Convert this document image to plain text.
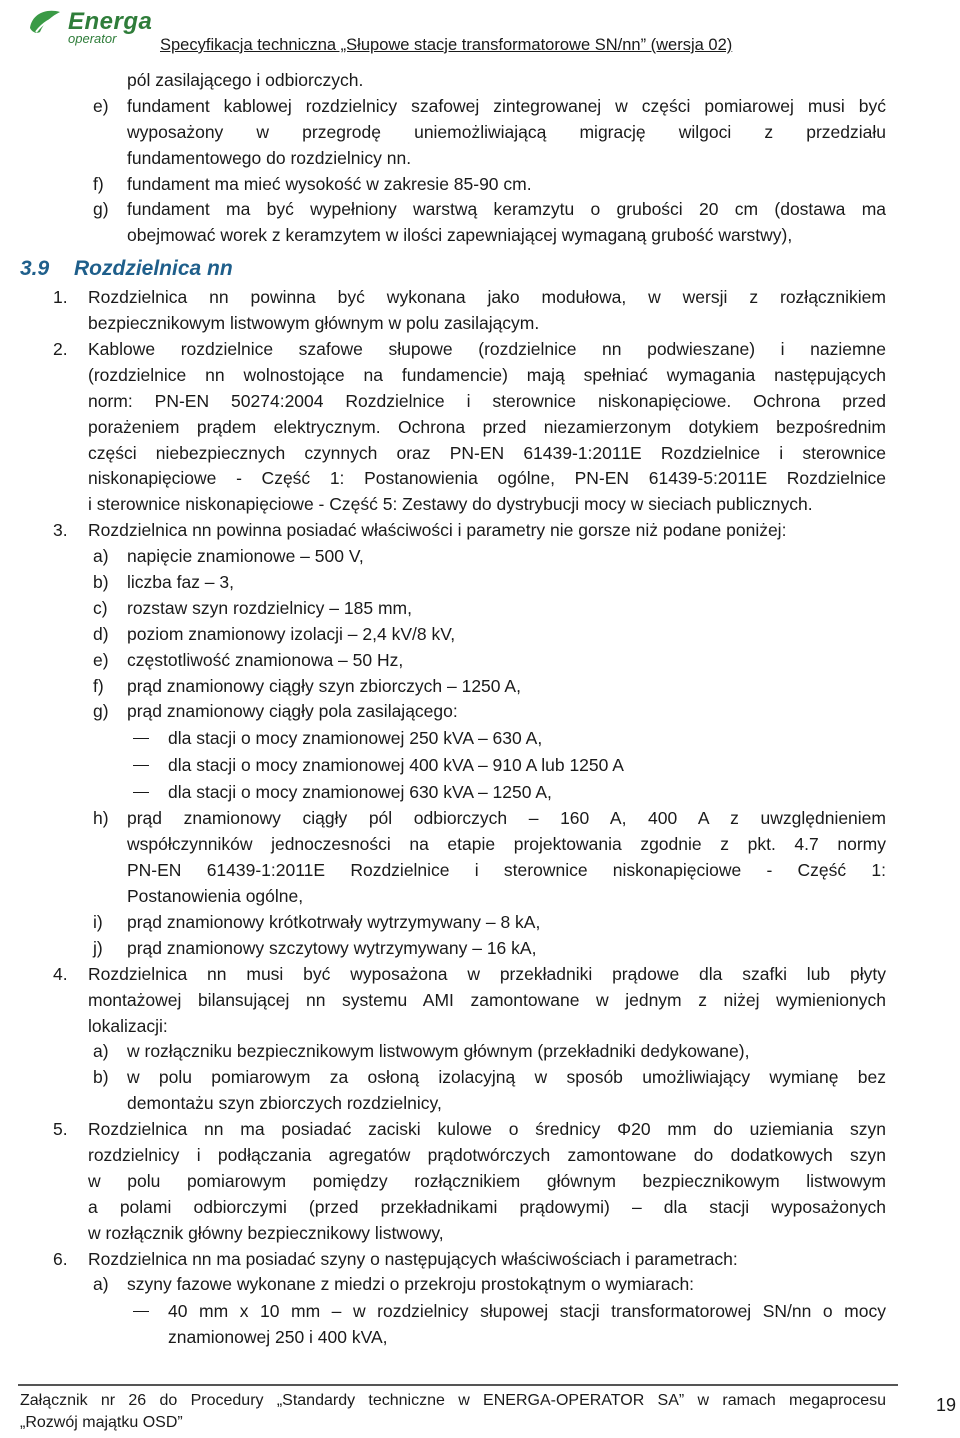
Energa
operator	Specyfikacja techniczna „Słupowe stacje transformatorowe SN/nn” (wersja 02)
pól zasilającego i odbiorczych.
e) fundament kablowej rozdzielnicy szafowej zintegrowanej w części pomiarowej musi być
wyposażony w przegrodę uniemożliwiającą migrację wilgoci z przedziału
fundamentowego do rozdzielnicy nn.
f) fundament ma mieć wysokość w zakresie 85-90 cm.
g) fundament ma być wypełniony warstwą keramzytu o grubości 20 cm (dostawa ma
obejmować worek z keramzytem w ilości zapewniającej wymaganą grubość warstwy),
3.9 Rozdzielnica nn
1. Rozdzielnica nn powinna być wykonana jako modułowa, w wersji z rozłącznikiem
bezpiecznikowym listwowym głównym w polu zasilającym.
2. Kablowe rozdzielnice szafowe słupowe (rozdzielnice nn podwieszane) i naziemne
(rozdzielnice nn wolnostojące na fundamencie) mają spełniać wymagania następujących
norm: PN-EN 50274:2004 Rozdzielnice i sterownice niskonapięciowe. Ochrona przed
porażeniem prądem elektrycznym. Ochrona przed niezamierzonym dotykiem bezpośrednim
części niebezpiecznych czynnych oraz PN-EN 61439-1:2011E Rozdzielnice i sterownice
niskonapięciowe - Część 1: Postanowienia ogólne, PN-EN 61439-5:2011E Rozdzielnice
i sterownice niskonapięciowe - Część 5: Zestawy do dystrybucji mocy w sieciach publicznych.
3. Rozdzielnica nn powinna posiadać właściwości i parametry nie gorsze niż podane poniżej:
a) napięcie znamionowe – 500 V,
b) liczba faz – 3,
c) rozstaw szyn rozdzielnicy – 185 mm,
d) poziom znamionowy izolacji – 2,4 kV/8 kV,
e) częstotliwość znamionowa – 50 Hz,
f) prąd znamionowy ciągły szyn zbiorczych – 1250 A,
g) prąd znamionowy ciągły pola zasilającego:
dla stacji o mocy znamionowej 250 kVA – 630 A,
dla stacji o mocy znamionowej 400 kVA – 910 A lub 1250 A
dla stacji o mocy znamionowej 630 kVA – 1250 A,
h) prąd znamionowy ciągły pól odbiorczych – 160 A, 400 A z uwzględnieniem
współczynników jednoczesności na etapie projektowania zgodnie z pkt. 4.7 normy
PN-EN 61439-1:2011E Rozdzielnice i sterownice niskonapięciowe - Część 1:
Postanowienia ogólne,
i) prąd znamionowy krótkotrwały wytrzymywany – 8 kA,
j) prąd znamionowy szczytowy wytrzymywany – 16 kA,
4. Rozdzielnica nn musi być wyposażona w przekładniki prądowe dla szafki lub płyty
montażowej bilansującej nn systemu AMI zamontowane w jednym z niżej wymienionych
lokalizacji:
a) w rozłączniku bezpiecznikowym listwowym głównym (przekładniki dedykowane),
b) w polu pomiarowym za osłoną izolacyjną w sposób umożliwiający wymianę bez
demontażu szyn zbiorczych rozdzielnicy,
5. Rozdzielnica nn ma posiadać zaciski kulowe o średnicy Φ20 mm do uziemiania szyn
rozdzielnicy i podłączania agregatów prądotwórczych zamontowane do dodatkowych szyn
w polu pomiarowym pomiędzy rozłącznikiem głównym bezpiecznikowym listwowym
a polami odbiorczymi (przed przekładnikami prądowymi) – dla stacji wyposażonych
w rozłącznik główny bezpiecznikowy listwowy,
6. Rozdzielnica nn ma posiadać szyny o następujących właściwościach i parametrach:
a) szyny fazowe wykonane z miedzi o przekroju prostokątnym o wymiarach:
40 mm x 10 mm – w rozdzielnicy słupowej stacji transformatorowej SN/nn o mocy
znamionowej 250 i 400 kVA,
Załącznik nr 26 do Procedury „Standardy techniczne w ENERGA-OPERATOR SA” w ramach megaprocesu
„Rozwój majątku OSD”
19
